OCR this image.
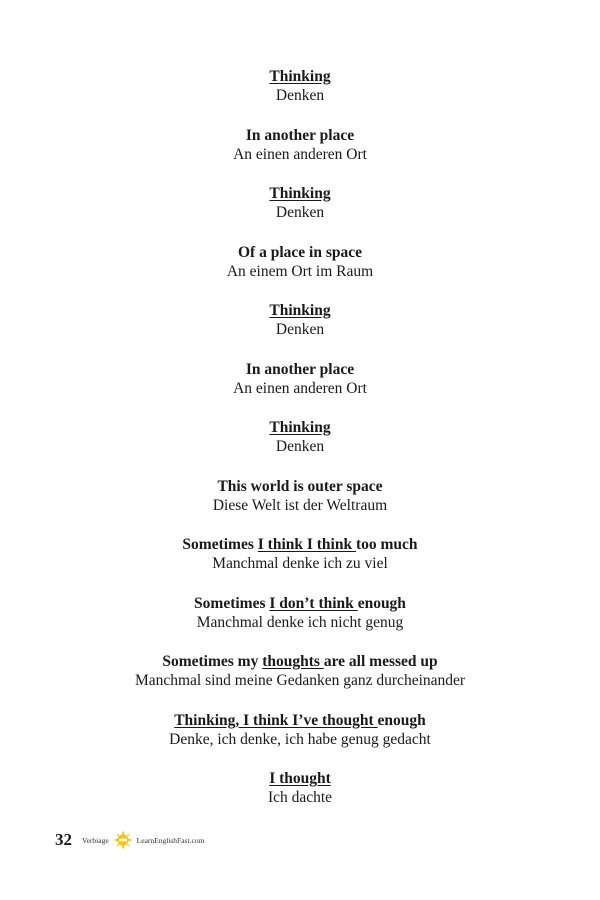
Thinking

Denken

In another place

An einen anderen Ort

Thinking

Denken

Of a place in space

An einem Ort im Raum

Thinking

Denken

In another place

An einen anderen Ort

Thinking

Denken

This world is outer space

Diese Welt ist der Weltraum

Sometimes I think I think too much

Manchmal denke ich zu viel

Sometimes I don’t think enough

Manchmal denke ich nicht genug

Sometimes my thoughts are all messed up

Manchmal sind meine Gedanken ganz durcheinander

Thinking, I think I’ve thought enough

Denke, ich denke, ich habe genug gedacht

I thought

Ich dachte

32 Verbiage	LearnEnglishFast.com
